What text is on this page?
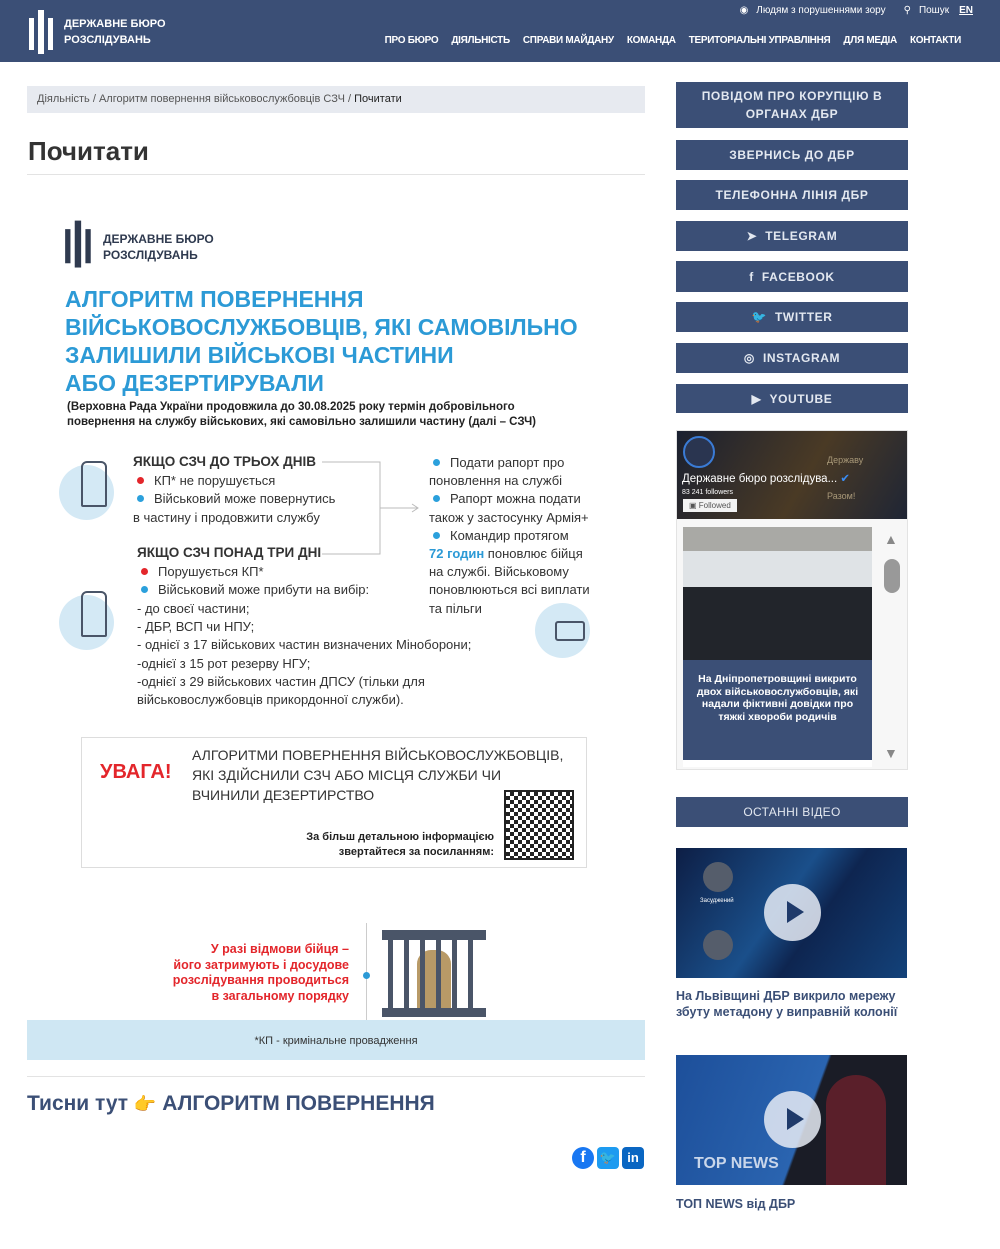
ДЕРЖАВНЕ БЮРО
РОЗСЛІДУВАНЬ
◉ Людям з порушеннями зору ⚲ Пошук EN
ПРО БЮРО ДІЯЛЬНІСТЬ СПРАВИ МАЙДАНУ КОМАНДА ТЕРИТОРІАЛЬНІ УПРАВЛІННЯ ДЛЯ МЕДІА КОНТАКТИ
Діяльність / Алгоритм повернення військовослужбовців СЗЧ / Почитати
Почитати
ДЕРЖАВНЕ БЮРО
РОЗСЛІДУВАНЬ
АЛГОРИТМ ПОВЕРНЕННЯ
ВІЙСЬКОВОСЛУЖБОВЦІВ, ЯКІ САМОВІЛЬНО
ЗАЛИШИЛИ ВІЙСЬКОВІ ЧАСТИНИ
АБО ДЕЗЕРТИРУВАЛИ
(Верховна Рада України продовжила до 30.08.2025 року термін добровільного
повернення на службу військових, які самовільно залишили частину (далі – СЗЧ)
ЯКЩО СЗЧ ДО ТРЬОХ ДНІВ
КП* не порушується
Військовий може повернутись
в частину і продовжити службу
ЯКЩО СЗЧ ПОНАД ТРИ ДНІ
Порушується КП*
Військовий може прибути на вибір:
- до своєї частини;
- ДБР, ВСП чи НПУ;
- однієї з 17 військових частин визначених Міноборони;
-однієї з 15 рот резерву НГУ;
-однієї з 29 військових частин ДПСУ (тільки для
військовослужбовців прикордонної служби).
Подати рапорт про
поновлення на службі
Рапорт можна подати
також у застосунку Армія+
Командир протягом
72 годин поновлює бійця
на службі. Військовому
поновлюються всі виплати
та пільги
УВАГА!
АЛГОРИТМИ ПОВЕРНЕННЯ ВІЙСЬКОВОСЛУЖБОВЦІВ,
ЯКІ ЗДІЙСНИЛИ СЗЧ АБО МІСЦЯ СЛУЖБИ ЧИ
ВЧИНИЛИ ДЕЗЕРТИРСТВО
За більш детальною інформацією
звертайтеся за посиланням:
У разі відмови бійця –
його затримують і досудове
розслідування проводиться
в загальному порядку
*КП - кримінальне провадження
Тисни тут 👉 АЛГОРИТМ ПОВЕРНЕННЯ
f	🐦 in
ПОВІДОМ ПРО КОРУПЦІЮ В ОРГАНАХ ДБР
ЗВЕРНИСЬ ДО ДБР
ТЕЛЕФОННА ЛІНІЯ ДБР
➤ TELEGRAM
f FACEBOOK
🐦 TWITTER
◎ INSTAGRAM
▶ YOUTUBE
Державу
Разом!
Державне бюро розслідува... ✔
83 241 followers
▣ Followed
На Дніпропетровщині викрито двох військовослужбовців, які надали фіктивні довідки про тяжкі хвороби родичів
▲
▼
ОСТАННІ ВІДЕО
Засуджений
На Львівщині ДБР викрило мережу збуту метадону у виправній колонії
TOP NEWS
ТОП NEWS від ДБР
